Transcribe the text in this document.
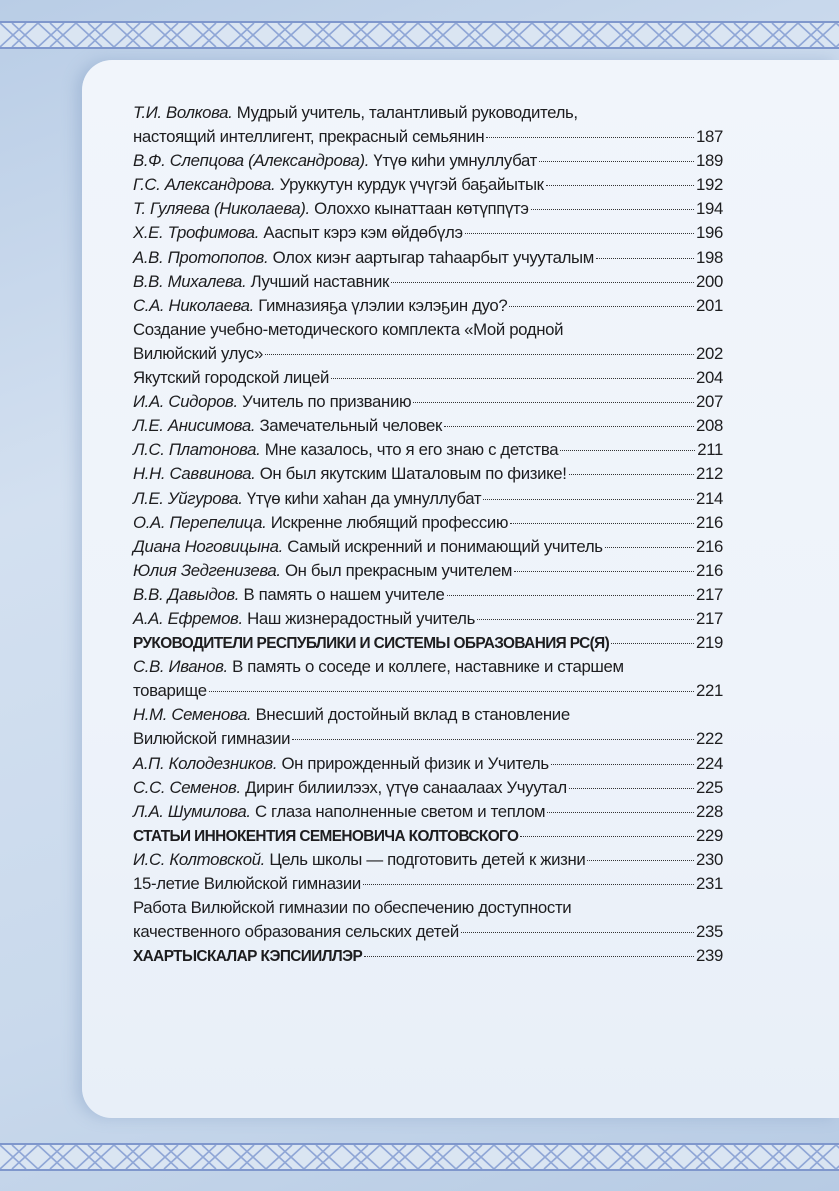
Т.И. Волкова. Мудрый учитель, талантливый руководитель,
настоящий интеллигент, прекрасный семьянин	187
В.Ф. Слепцова (Александрова). Үтүө киһи умнуллубат	189
Г.С. Александрова. Уруккутун курдук үчүгэй баҕайытык	192
Т. Гуляева (Николаева). Олоххо кынаттаан көтүппүтэ	194
Х.Е. Трофимова. Ааспыт кэрэ кэм өйдөбүлэ	196
А.В. Протопопов. Олох киэҥ аартыгар таһаарбыт учууталым	198
В.В. Михалева. Лучший наставник	200
С.А. Николаева. Гимназияҕа үлэлии кэлэҕин дуо?	201
Создание учебно-методического комплекта «Мой родной
Вилюйский улус»	202
Якутский городской лицей	204
И.А. Сидоров. Учитель по призванию	207
Л.Е. Анисимова. Замечательный человек	208
Л.С. Платонова. Мне казалось, что я его знаю с детства	211
Н.Н. Саввинова. Он был якутским Шаталовым по физике!	212
Л.Е. Уйгурова. Үтүө киһи хаһан да умнуллубат	214
О.А. Перепелица. Искренне любящий профессию	216
Диана Ноговицына. Самый искренний и понимающий учитель	216
Юлия Зедгенизева. Он был прекрасным учителем	216
В.В. Давыдов. В память о нашем учителе	217
А.А. Ефремов. Наш жизнерадостный учитель	217
РУКОВОДИТЕЛИ РЕСПУБЛИКИ И СИСТЕМЫ ОБРАЗОВАНИЯ РС(Я)	219
С.В. Иванов. В память о соседе и коллеге, наставнике и старшем
товарище	221
Н.М. Семенова. Внесший достойный вклад в становление
Вилюйской гимназии	222
А.П. Колодезников. Он прирожденный физик и Учитель	224
С.С. Семенов. Дириҥ билиилээх, үтүө санаалаах Учуутал	225
Л.А. Шумилова. С глаза наполненные светом и теплом	228
СТАТЬИ ИННОКЕНТИЯ СЕМЕНОВИЧА КОЛТОВСКОГО	229
И.С. Колтовской. Цель школы — подготовить детей к жизни	230
15-летие Вилюйской гимназии	231
Работа Вилюйской гимназии по обеспечению доступности
качественного образования сельских детей	235
ХААРТЫСКАЛАР КЭПСИИЛЛЭР	239
